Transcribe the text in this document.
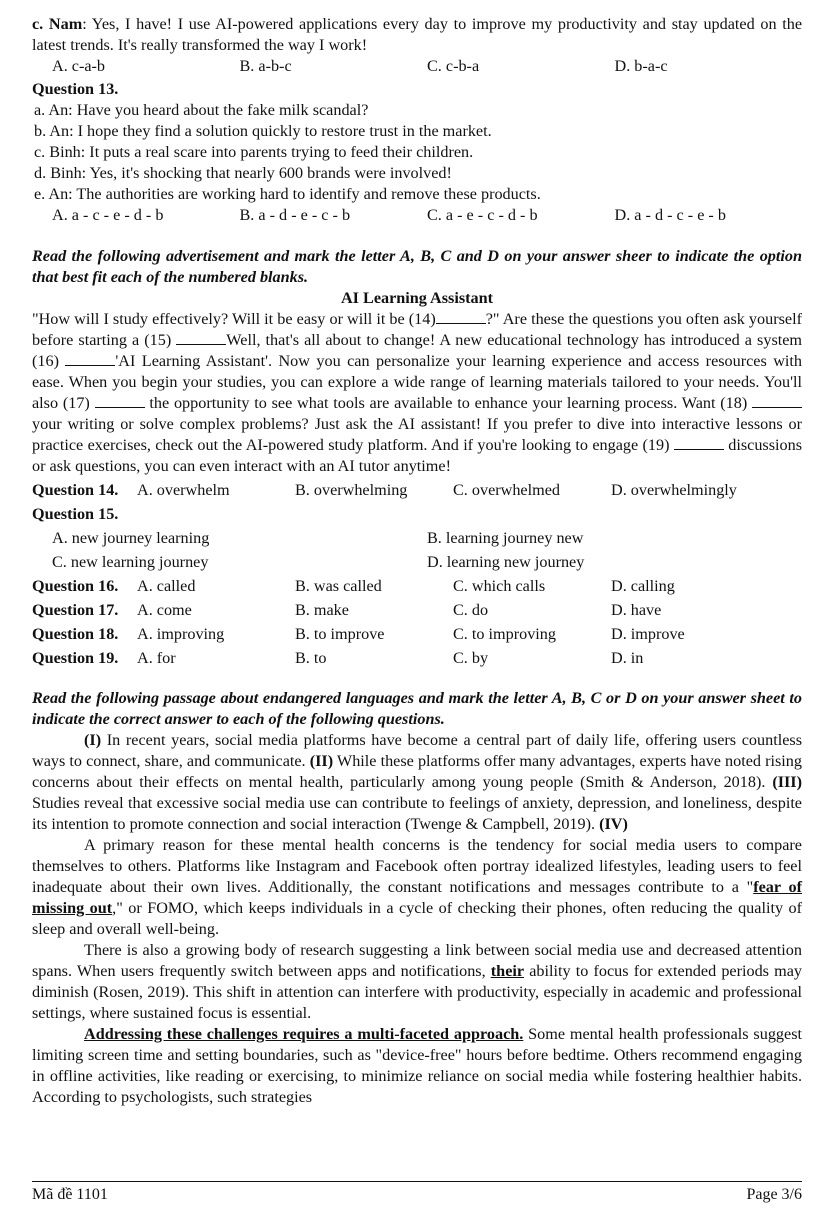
c. Nam: Yes, I have! I use AI-powered applications every day to improve my productivity and stay updated on the latest trends. It's really transformed the way I work!

A. c-a-b	B. a-b-c	C. c-b-a	D. b-a-c

Question 13.

a. An: Have you heard about the fake milk scandal?

b. An: I hope they find a solution quickly to restore trust in the market.

c. Binh: It puts a real scare into parents trying to feed their children.

d. Binh: Yes, it's shocking that nearly 600 brands were involved!

e. An: The authorities are working hard to identify and remove these products.

A. a - c - e - d - b	B. a - d - e - c - b	C. a - e - c - d - b	D. a - d - c - e - b

Read the following advertisement and mark the letter A, B, C and D on your answer sheer to indicate the option that best fit each of the numbered blanks.

AI Learning Assistant

"How will I study effectively? Will it be easy or will it be (14)	?" Are these the questions you often ask yourself before starting a (15)	Well, that's all about to change! A new educational technology has introduced a system (16)	'AI Learning Assistant'. Now you can personalize your learning experience and access resources with ease. When you begin your studies, you can explore a wide range of learning materials tailored to your needs. You'll also (17)	the opportunity to see what tools are available to enhance your learning process. Want (18)  your writing or solve complex problems? Just ask the AI assistant! If you prefer to dive into interactive lessons or practice exercises, check out the AI-powered study platform. And if you're looking to engage (19)	discussions or ask questions, you can even interact with an AI tutor anytime!

Question 14.	A. overwhelm	B. overwhelming	C. overwhelmed	D. overwhelmingly

Question 15.

A. new journey learning	B. learning journey new
C. new learning journey	D. learning new journey
Question 16.	A. called	B. was called	C. which calls	D. calling
Question 17.	A. come	B. make	C. do	D. have
Question 18.	A. improving	B. to improve	C. to improving	D. improve
Question 19.	A. for	B. to	C. by	D. in

Read the following passage about endangered languages and mark the letter A, B, C or D on your answer sheet to indicate the correct answer to each of the following questions.

(I) In recent years, social media platforms have become a central part of daily life, offering users countless ways to connect, share, and communicate. (II) While these platforms offer many advantages, experts have noted rising concerns about their effects on mental health, particularly among young people (Smith & Anderson, 2018). (III) Studies reveal that excessive social media use can contribute to feelings of anxiety, depression, and loneliness, despite its intention to promote connection and social interaction (Twenge & Campbell, 2019). (IV)

A primary reason for these mental health concerns is the tendency for social media users to compare themselves to others. Platforms like Instagram and Facebook often portray idealized lifestyles, leading users to feel inadequate about their own lives. Additionally, the constant notifications and messages contribute to a "fear of missing out," or FOMO, which keeps individuals in a cycle of checking their phones, often reducing the quality of sleep and overall well-being.

There is also a growing body of research suggesting a link between social media use and decreased attention spans. When users frequently switch between apps and notifications, their ability to focus for extended periods may diminish (Rosen, 2019). This shift in attention can interfere with productivity, especially in academic and professional settings, where sustained focus is essential.

Addressing these challenges requires a multi-faceted approach. Some mental health professionals suggest limiting screen time and setting boundaries, such as "device-free" hours before bedtime. Others recommend engaging in offline activities, like reading or exercising, to minimize reliance on social media while fostering healthier habits. According to psychologists, such strategies

Mã đề 1101	Page 3/6
